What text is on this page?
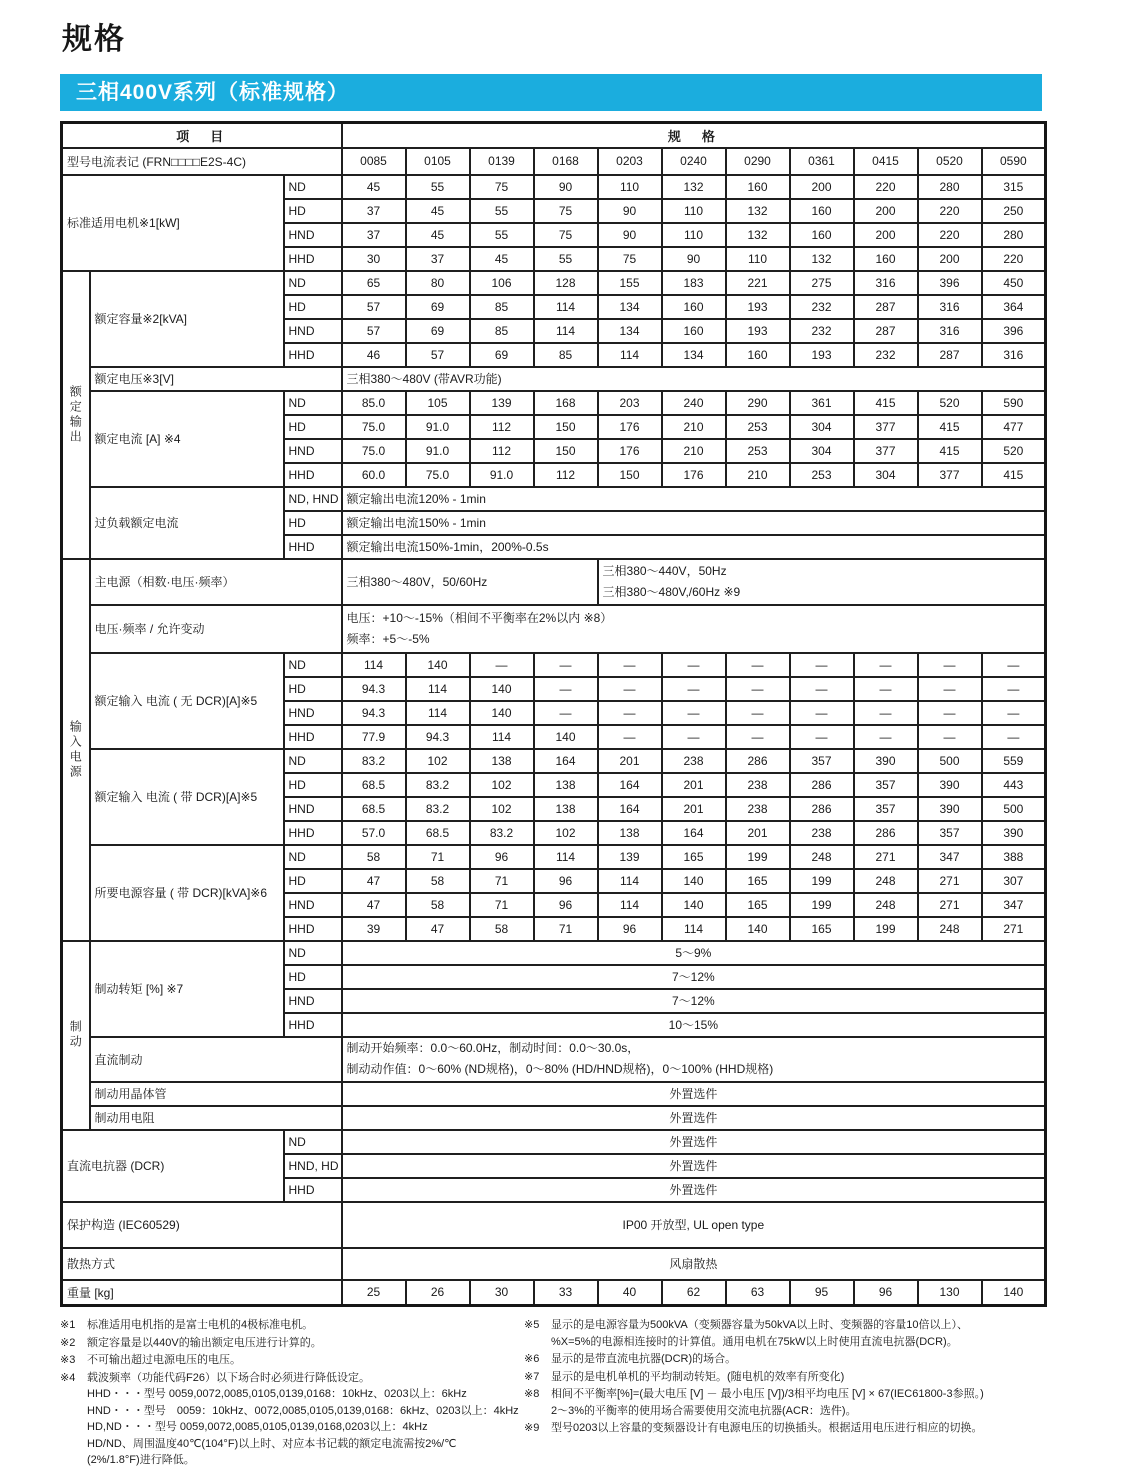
规格
三相400V系列（标准规格）
项　目			规　格										
型号电流表记 (FRN□□□□E2S-4C)			0085	0105	0139	0168	0203	0240	0290	0361	0415	0520	0590
标准适用电机※1[kW]		ND	45	55	75	90	110	132	160	200	220	280	315
		HD	37	45	55	75	90	110	132	160	200	220	250
		HND	37	45	55	75	90	110	132	160	200	220	280
		HHD	30	37	45	55	75	90	110	132	160	200	220
额定输出	额定容量※2[kVA]	ND	65	80	106	128	155	183	221	275	316	396	450
		HD	57	69	85	114	134	160	193	232	287	316	364
		HND	57	69	85	114	134	160	193	232	287	316	396
		HHD	46	57	69	85	114	134	160	193	232	287	316
	额定电压※3[V]		三相380～480V (带AVR功能)										
	额定电流 [A] ※4	ND	85.0	105	139	168	203	240	290	361	415	520	590
		HD	75.0	91.0	112	150	176	210	253	304	377	415	477
		HND	75.0	91.0	112	150	176	210	253	304	377	415	520
		HHD	60.0	75.0	91.0	112	150	176	210	253	304	377	415
	过负载额定电流	ND, HND	额定输出电流120% - 1min										
		HD	额定输出电流150% - 1min										
		HHD	额定输出电流150%-1min，200%-0.5s										
输入电源	主电源（相数·电压·频率）		三相380～480V，50/60Hz				三相380～440V，50Hz
三相380～480V,/60Hz ※9						

	电压·频率 / 允许变动		电压：+10～-15%（相间不平衡率在2%以内 ※8）
频率：+5～-5%										

	额定输入 电流 ( 无 DCR)[A]※5	ND	114	140	—	—	—	—	—	—	—	—	—
		HD	94.3	114	140	—	—	—	—	—	—	—	—
		HND	94.3	114	140	—	—	—	—	—	—	—	—
		HHD	77.9	94.3	114	140	—	—	—	—	—	—	—
	额定输入 电流 ( 带 DCR)[A]※5	ND	83.2	102	138	164	201	238	286	357	390	500	559
		HD	68.5	83.2	102	138	164	201	238	286	357	390	443
		HND	68.5	83.2	102	138	164	201	238	286	357	390	500
		HHD	57.0	68.5	83.2	102	138	164	201	238	286	357	390
	所要电源容量 ( 带 DCR)[kVA]※6	ND	58	71	96	114	139	165	199	248	271	347	388
		HD	47	58	71	96	114	140	165	199	248	271	307
		HND	47	58	71	96	114	140	165	199	248	271	347
		HHD	39	47	58	71	96	114	140	165	199	248	271
制动	制动转矩 [%] ※7	ND	5～9%										
		HD	7～12%										
		HND	7～12%										
		HHD	10～15%										
	直流制动		制动开始频率：0.0～60.0Hz，制动时间：0.0～30.0s，
制动动作值：0～60% (ND规格)，0～80% (HD/HND规格)，0～100% (HHD规格)										

	制动用晶体管		外置选件										
	制动用电阻		外置选件										
直流电抗器 (DCR)		ND	外置选件										
		HND, HD	外置选件										
		HHD	外置选件										
保护构造 (IEC60529)			IP00 开放型, UL open type										
散热方式			风扇散热										
重量 [kg]			25	26	30	33	40	62	63	95	96	130	140
※1	标准适用电机指的是富士电机的4极标准电机。
※2	额定容量是以440V的输出额定电压进行计算的。
※3	不可输出超过电源电压的电压。
※4	载波频率（功能代码F26）以下场合时必须进行降低设定。
HHD・・・型号 0059,0072,0085,0105,0139,0168：10kHz、0203以上：6kHz
HND・・・型号　0059：10kHz、0072,0085,0105,0139,0168：6kHz、0203以上：4kHz
HD,ND・・・型号 0059,0072,0085,0105,0139,0168,0203以上：4kHz
HD/ND、周围温度40℃(104°F)以上时、对应本书记载的额定电流需按2%/℃
(2%/1.8°F)进行降低。
※5	显示的是电源容量为500kVA（变频器容量为50kVA以上时、变频器的容量10倍以上）、
%X=5%的电源相连接时的计算值。通用电机在75kW以上时使用直流电抗器(DCR)。
※6	显示的是带直流电抗器(DCR)的场合。
※7	显示的是电机单机的平均制动转矩。(随电机的效率有所变化)
※8	相间不平衡率[%]=(最大电压 [V] － 最小电压 [V])/3相平均电压 [V] × 67(IEC61800-3参照。)
2～3%的平衡率的使用场合需要使用交流电抗器(ACR：选件)。
※9	型号0203以上容量的变频器设计有电源电压的切换插头。根据适用电压进行相应的切换。
